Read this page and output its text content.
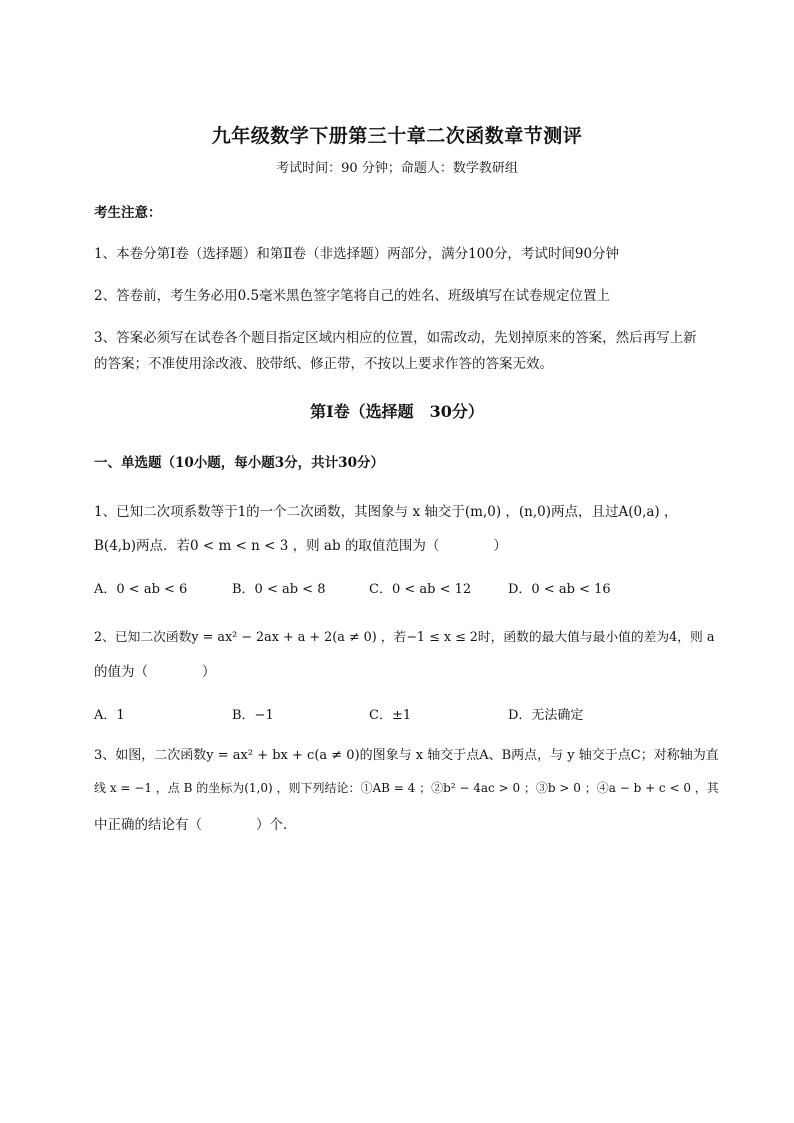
九年级数学下册第三十章二次函数章节测评
考试时间：90 分钟；命题人：数学教研组
考生注意：
1、本卷分第Ⅰ卷（选择题）和第Ⅱ卷（非选择题）两部分，满分100分，考试时间90分钟
2、答卷前，考生务必用0.5毫米黑色签字笔将自己的姓名、班级填写在试卷规定位置上
3、答案必须写在试卷各个题目指定区域内相应的位置，如需改动，先划掉原来的答案，然后再写上新
的答案；不准使用涂改液、胶带纸、修正带，不按以上要求作答的答案无效。
第Ⅰ卷（选择题　30分）
一、单选题（10小题，每小题3分，共计30分）
1、已知二次项系数等于1的一个二次函数，其图象与 x 轴交于(m,0) ，(n,0)两点，且过A(0,a) ，
B(4,b)两点．若0 < m < n < 3 ，则 ab 的取值范围为（　　　　）
A．0 < ab < 6	B．0 < ab < 8	C．0 < ab < 12	D．0 < ab < 16
2、已知二次函数y = ax² − 2ax + a + 2(a ≠ 0) ，若−1 ≤ x ≤ 2时，函数的最大值与最小值的差为4，则 a
的值为（　　　　）
A．1	B．−1	C．±1	D．无法确定
3、如图，二次函数y = ax² + bx + c(a ≠ 0)的图象与 x 轴交于点A、B两点，与 y 轴交于点C；对称轴为直
线 x = −1 ，点 B 的坐标为(1,0) ，则下列结论：①AB = 4 ；②b² − 4ac > 0 ；③b > 0 ；④a − b + c < 0 ，其
中正确的结论有（　　　　）个．
